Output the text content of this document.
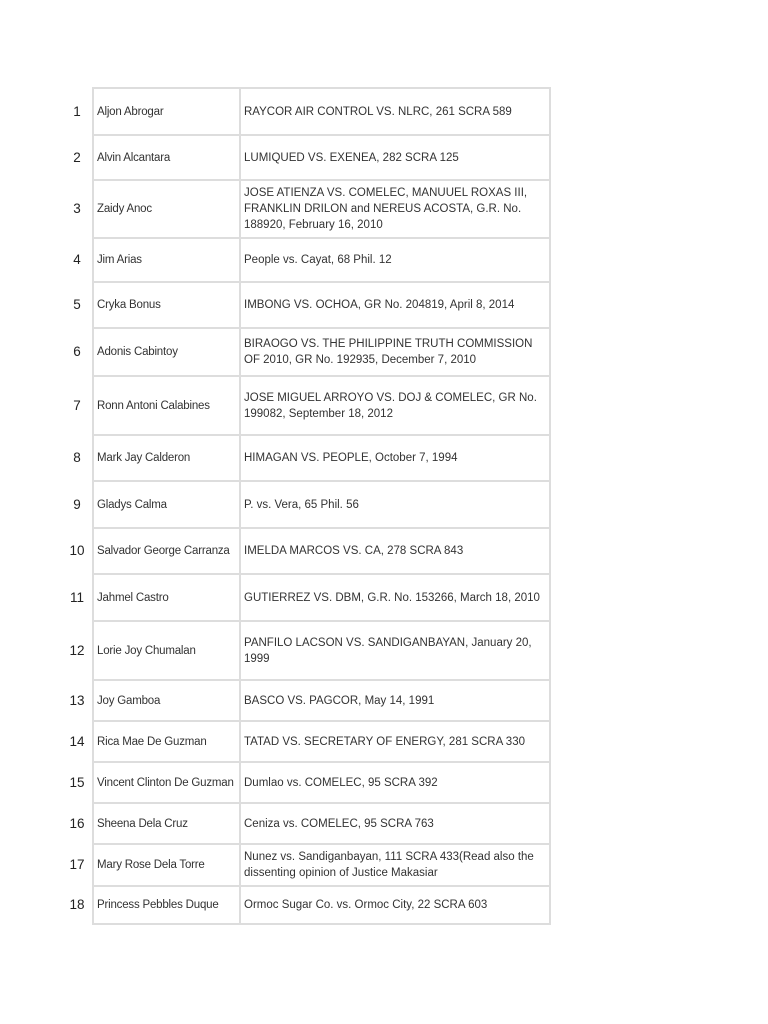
1	Aljon Abrogar	RAYCOR AIR CONTROL VS. NLRC, 261 SCRA 589
2	Alvin Alcantara	LUMIQUED VS. EXENEA, 282 SCRA 125
3	Zaidy Anoc	JOSE ATIENZA VS. COMELEC, MANUUEL ROXAS III, FRANKLIN DRILON and NEREUS ACOSTA, G.R. No. 188920, February 16, 2010
4	Jim Arias	People vs. Cayat, 68 Phil. 12
5	Cryka Bonus	IMBONG VS. OCHOA, GR No. 204819, April 8, 2014
6	Adonis Cabintoy	BIRAOGO VS. THE PHILIPPINE TRUTH COMMISSION OF 2010, GR No. 192935, December 7, 2010
7	Ronn Antoni Calabines	JOSE MIGUEL ARROYO VS. DOJ & COMELEC, GR No. 199082, September 18, 2012
8	Mark Jay Calderon	HIMAGAN VS. PEOPLE, October 7, 1994
9	Gladys Calma	P. vs. Vera, 65 Phil. 56
10	Salvador George Carranza	IMELDA MARCOS VS. CA, 278 SCRA 843
11	Jahmel Castro	GUTIERREZ VS. DBM, G.R. No. 153266, March 18, 2010
12	Lorie Joy Chumalan	PANFILO LACSON VS. SANDIGANBAYAN, January 20, 1999
13	Joy Gamboa	BASCO VS. PAGCOR, May 14, 1991
14	Rica Mae De Guzman	TATAD VS. SECRETARY OF ENERGY, 281 SCRA 330
15	Vincent Clinton De Guzman	Dumlao vs. COMELEC, 95 SCRA 392
16	Sheena Dela Cruz	Ceniza vs. COMELEC, 95 SCRA 763
17	Mary Rose Dela Torre	Nunez vs. Sandiganbayan, 111 SCRA 433(Read also the dissenting opinion of Justice Makasiar
18	Princess Pebbles Duque	Ormoc Sugar Co. vs. Ormoc City, 22 SCRA 603
